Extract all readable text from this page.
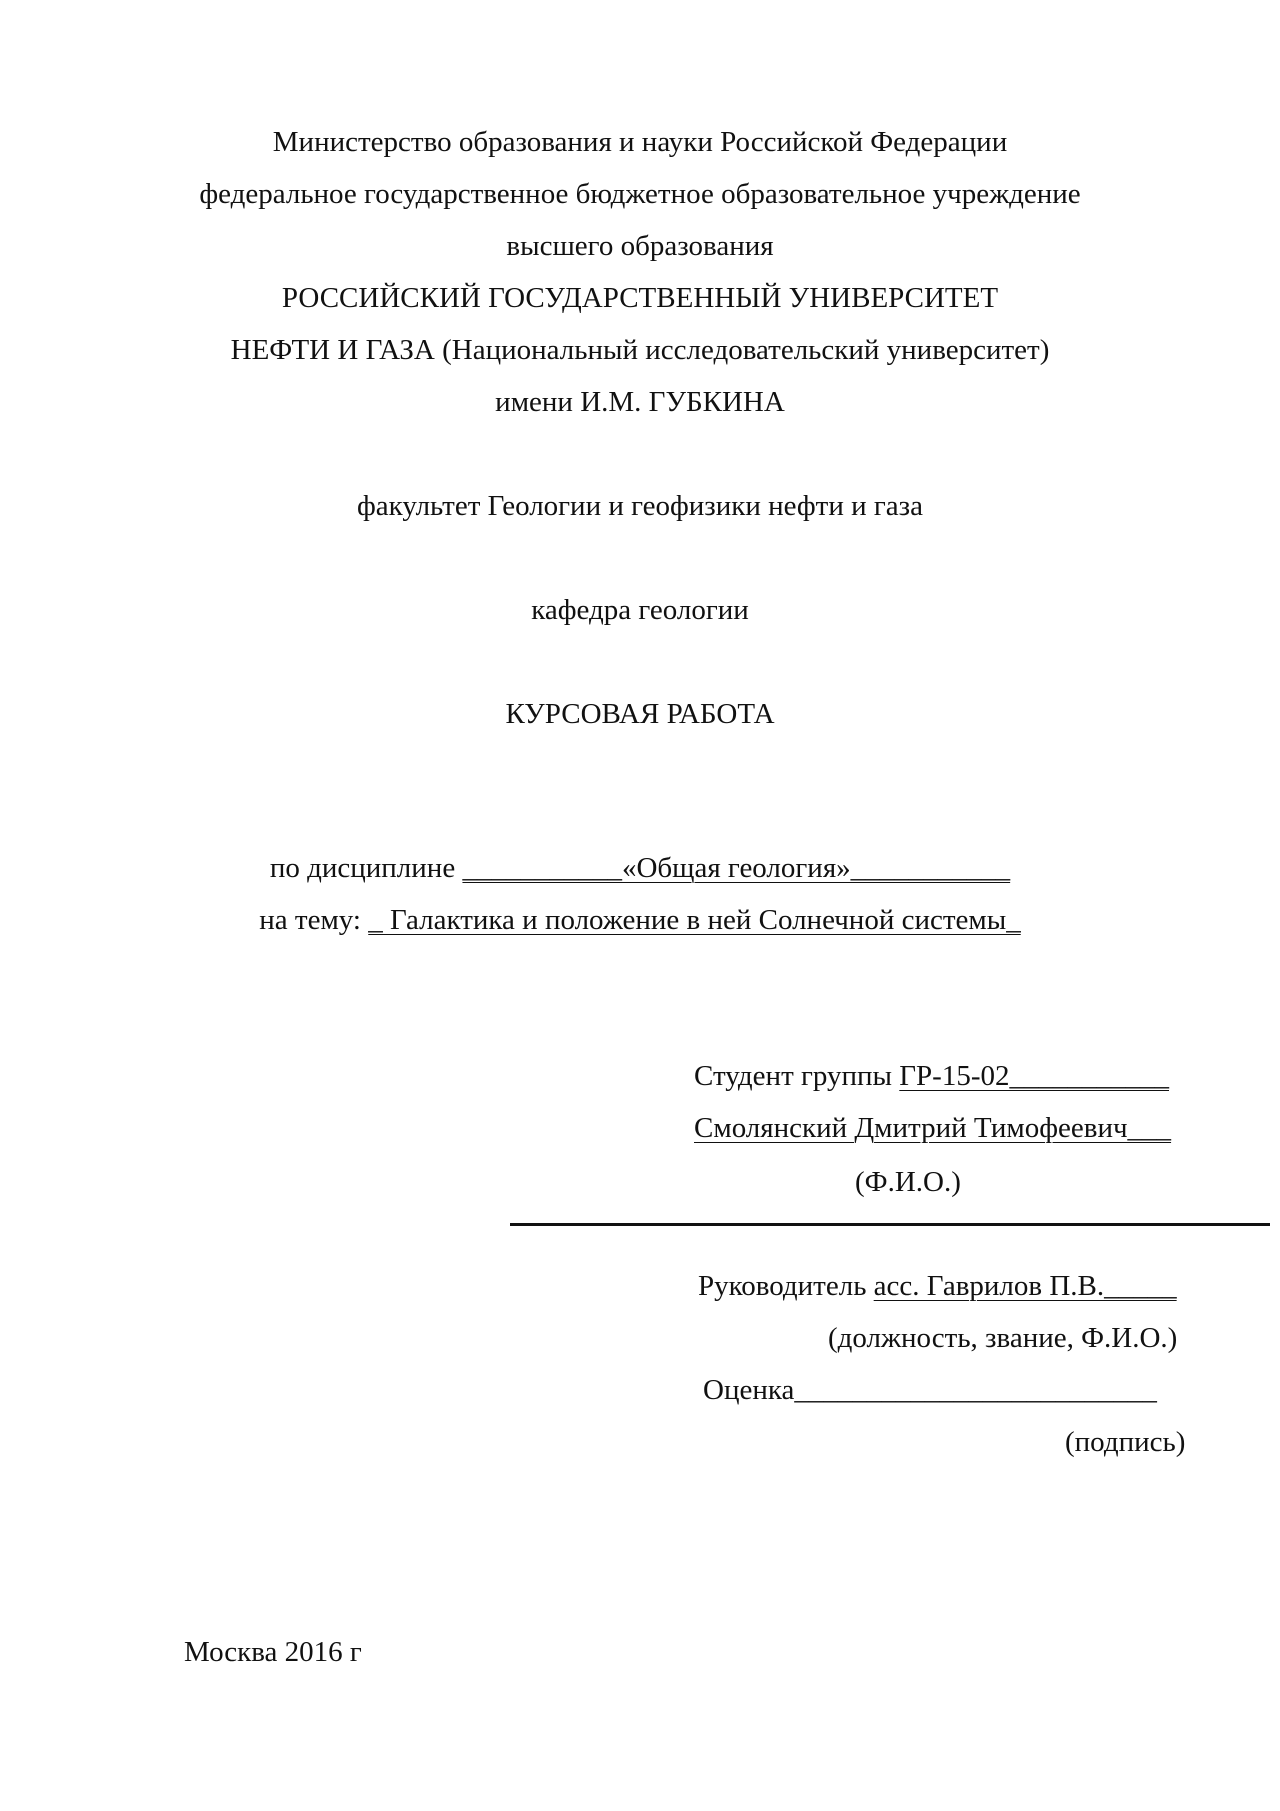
Министерство образования и науки Российской Федерации
федеральное государственное бюджетное образовательное учреждение
высшего образования
РОССИЙСКИЙ ГОСУДАРСТВЕННЫЙ УНИВЕРСИТЕТ
НЕФТИ И ГАЗА (Национальный исследовательский университет)
имени И.М. ГУБКИНА
факультет Геологии и геофизики нефти и газа
кафедра геологии
КУРСОВАЯ РАБОТА
по дисциплине ___________«Общая геология»___________
на тему: _ Галактика и положение в ней Солнечной системы_
Студент группы ГР-15-02___________
Смолянский Дмитрий Тимофеевич___
(Ф.И.О.)
Руководитель асс. Гаврилов П.В._____
(должность, звание, Ф.И.О.)
Оценка_________________________
(подпись)
Москва 2016 г
